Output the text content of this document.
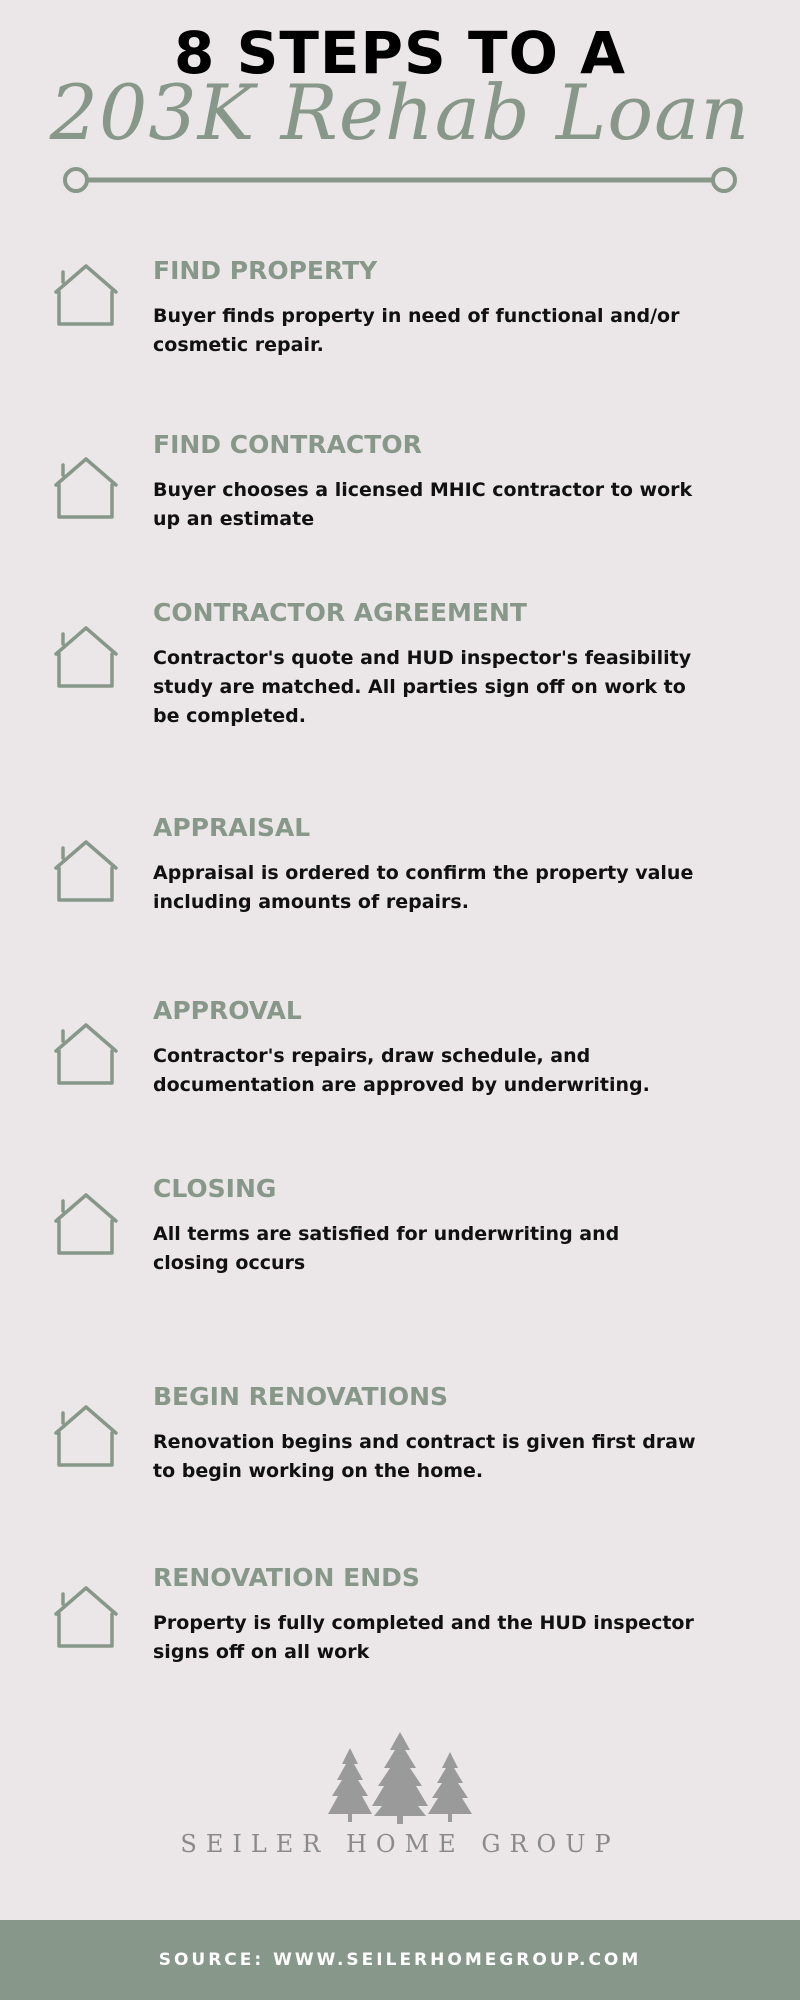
8 STEPS TO A
203K Rehab Loan
FIND PROPERTY
Buyer finds property in need of functional and/or cosmetic repair.
FIND CONTRACTOR
Buyer chooses a licensed MHIC contractor to work up an estimate
CONTRACTOR AGREEMENT
Contractor's quote and HUD inspector's feasibility study are matched. All parties sign off on work to be completed.
APPRAISAL
Appraisal is ordered to confirm the property value including amounts of repairs.
APPROVAL
Contractor's repairs, draw schedule, and documentation are approved by underwriting.
CLOSING
All terms are satisfied for underwriting and closing occurs
BEGIN RENOVATIONS
Renovation begins and contract is given first draw to begin working on the home.
RENOVATION ENDS
Property is fully completed and the HUD inspector signs off on all work
SEILER HOME GROUP
SOURCE: WWW.SEILERHOMEGROUP.COM
